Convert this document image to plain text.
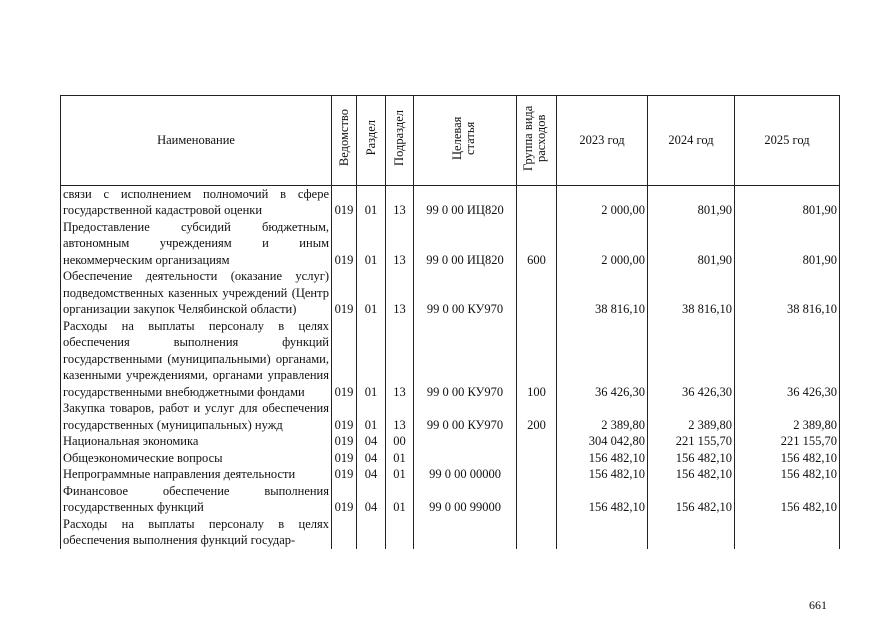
Наименование	Ведомство	Раздел	Подраздел	Целевая статья	Группа вида расходов	2023 год	2024 год	2025 год
связи с исполнением полномочий в сфере государственной кадастровой оценки	019	01	13	99 0 00 ИЦ820		2 000,00	801,90	801,90
Предоставление субсидий бюджетным, автономным учреждениям и иным некоммерческим организациям	019	01	13	99 0 00 ИЦ820	600	2 000,00	801,90	801,90
Обеспечение деятельности (оказание услуг) подведомственных казенных учреждений (Центр организации закупок Челябинской области)	019	01	13	99 0 00 КУ970		38 816,10	38 816,10	38 816,10
Расходы на выплаты персоналу в целях обеспечения выполнения функций государственными (муниципальными) органами, казенными учреждениями, органами управления государственными внебюджетными фондами	019	01	13	99 0 00 КУ970	100	36 426,30	36 426,30	36 426,30
Закупка товаров, работ и услуг для обеспечения государственных (муниципальных) нужд	019	01	13	99 0 00 КУ970	200	2 389,80	2 389,80	2 389,80
Национальная экономика	019	04	00			304 042,80	221 155,70	221 155,70
Общеэкономические вопросы	019	04	01			156 482,10	156 482,10	156 482,10
Непрограммные направления деятельности	019	04	01	99 0 00 00000		156 482,10	156 482,10	156 482,10
Финансовое обеспечение выполнения государственных функций	019	04	01	99 0 00 99000		156 482,10	156 482,10	156 482,10
Расходы на выплаты персоналу в целях обеспечения выполнения функций государ-								
661
